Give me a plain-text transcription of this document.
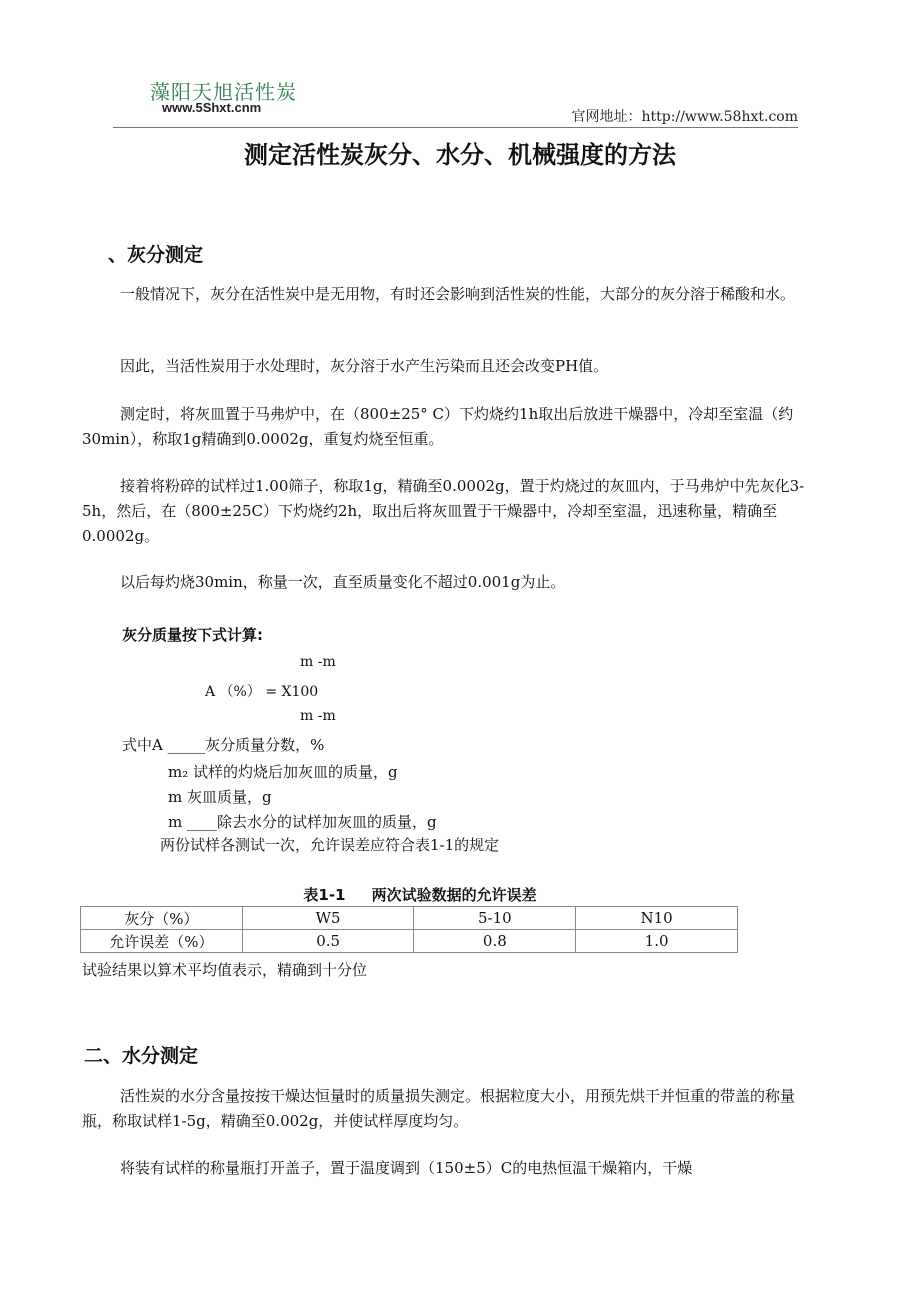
藻阳天旭活性炭
www.5Shxt.cnm
官网地址：http://www.58hxt.com
测定活性炭灰分、水分、机械强度的方法
、灰分测定
一般情况下，灰分在活性炭中是无用物，有时还会影响到活性炭的性能，大部分的灰分溶于稀酸和水。
因此，当活性炭用于水处理时，灰分溶于水产生污染而且还会改变PH值。
测定时，将灰皿置于马弗炉中，在（800±25° C）下灼烧约1h取出后放进干燥器中，冷却至室温（约30min），称取1g精确到0.0002g，重复灼烧至恒重。
接着将粉碎的试样过1.00筛子，称取1g，精确至0.0002g，置于灼烧过的灰皿内，于马弗炉中先灰化3-5h，然后，在（800±25C）下灼烧约2h，取出后将灰皿置于干燥器中，冷却至室温，迅速称量，精确至0.0002g。
以后每灼烧30min，称量一次，直至质量变化不超过0.001g为止。
灰分质量按下式计算:
m -m
A （%） = X100
m -m
式中A _____灰分质量分数，%
m₂ 试样的灼烧后加灰皿的质量，g
m 灰皿质量，g
m ____除去水分的试样加灰皿的质量，g
两份试样各测试一次，允许误差应符合表1-1的规定
表1-1     两次试验数据的允许误差
灰分（%）	W5	5-10	N10
允许误差（%）	0.5	0.8	1.0
试验结果以算术平均值表示，精确到十分位
二、水分测定
活性炭的水分含量按按干燥达恒量时的质量损失测定。根据粒度大小，用预先烘干并恒重的带盖的称量瓶，称取试样1-5g，精确至0.002g，并使试样厚度均匀。
将装有试样的称量瓶打开盖子，置于温度调到（150±5）C的电热恒温干燥箱内，干燥
